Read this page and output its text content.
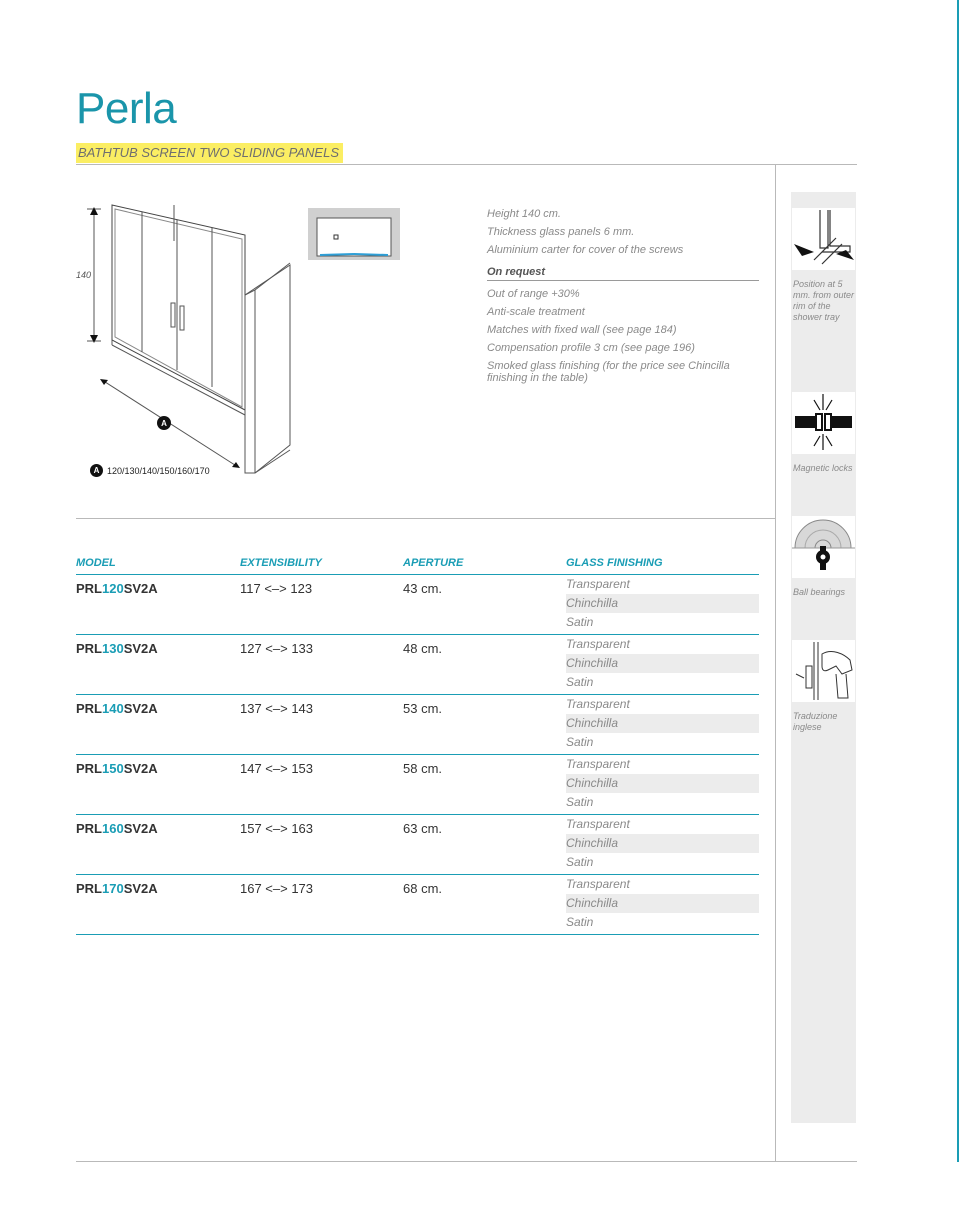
Perla
BATHTUB SCREEN TWO SLIDING PANELS
A
140
A 120/130/140/150/160/170
Height 140 cm.
Thickness glass panels 6 mm.
Aluminium carter for cover of the screws
On request
Out of range +30%
Anti-scale treatment
Matches with fixed wall (see page 184)
Compensation profile 3 cm (see page 196)
Smoked glass finishing (for the price see Chincilla finishing in the table)
Position at 5 mm. from outer rim of the shower tray
Magnetic locks
Ball bearings
Traduzione inglese
MODEL	EXTENSIBILITY	APERTURE	GLASS FINISHING
PRL120SV2A	117 <–> 123	43 cm.	Transparent
Chinchilla
Satin
PRL130SV2A	127 <–> 133	48 cm.	Transparent
Chinchilla
Satin
PRL140SV2A	137 <–> 143	53 cm.	Transparent
Chinchilla
Satin
PRL150SV2A	147 <–> 153	58 cm.	Transparent
Chinchilla
Satin
PRL160SV2A	157 <–> 163	63 cm.	Transparent
Chinchilla
Satin
PRL170SV2A	167 <–> 173	68 cm.	Transparent
Chinchilla
Satin
